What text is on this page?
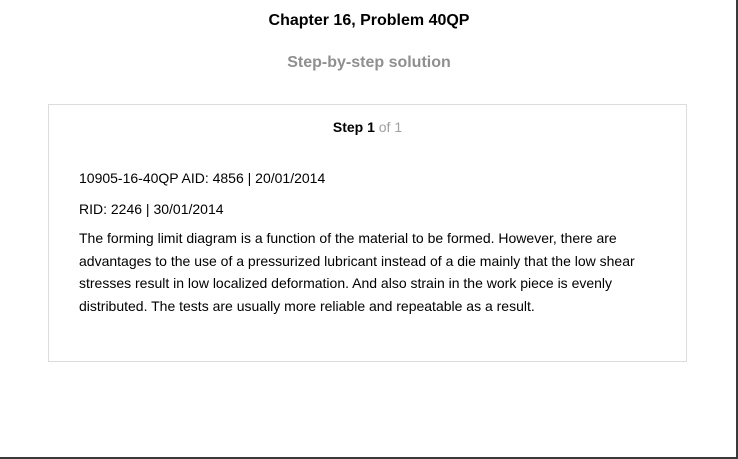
Chapter 16, Problem 40QP
Step-by-step solution
Step 1 of 1

10905-16-40QP AID: 4856 | 20/01/2014

RID: 2246 | 30/01/2014

The forming limit diagram is a function of the material to be formed. However, there are advantages to the use of a pressurized lubricant instead of a die mainly that the low shear stresses result in low localized deformation. And also strain in the work piece is evenly distributed. The tests are usually more reliable and repeatable as a result.
